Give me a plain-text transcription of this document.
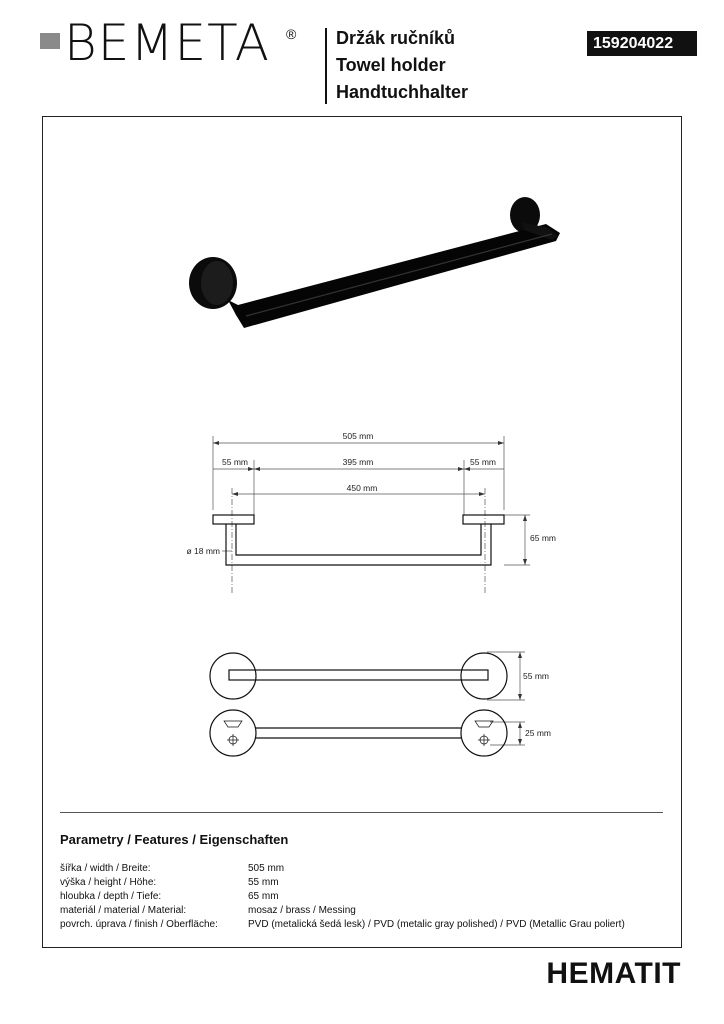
BEMETA ® Držák ručníků
Towel holder
Handtuchhalter
159204022
505 mm
55 mm	395 mm	55 mm
450 mm
65 mm
ø 18 mm
55 mm
25 mm
Parametry / Features / Eigenschaften
šířka / width / Breite:	505 mm
výška / height / Höhe:	55 mm
hloubka / depth / Tiefe:	65 mm
materiál / material / Material:	mosaz / brass / Messing
povrch. úprava / finish / Oberfläche:	PVD (metalická šedá lesk) / PVD (metalic gray polished) / PVD (Metallic Grau poliert)
HEMATIT
